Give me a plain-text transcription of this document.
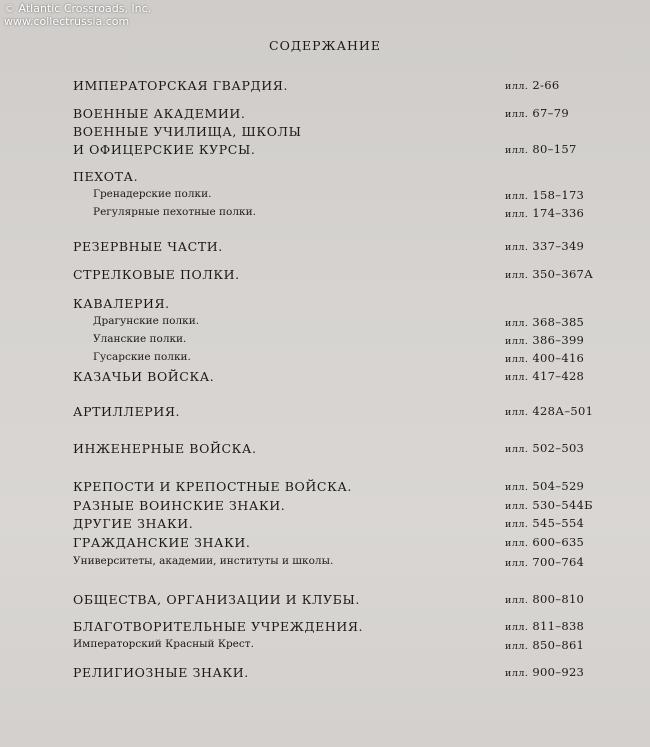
© Atlantic Crossroads, Inc.
www.collectrussia.com
СОДЕРЖАНИЕ
ИМПЕРАТОРСКАЯ ГВАРДИЯ.	илл. 2-66
ВОЕННЫЕ АКАДЕМИИ.	илл. 67–79
ВОЕННЫЕ УЧИЛИЩА, ШКОЛЫ
И ОФИЦЕРСКИЕ КУРСЫ.	илл. 80–157
ПЕХОТА.
Гренадерские полки.	илл. 158–173
Регулярные пехотные полки.	илл. 174–336
РЕЗЕРВНЫЕ ЧАСТИ.	илл. 337–349
СТРЕЛКОВЫЕ ПОЛКИ.	илл. 350–367А
КАВАЛЕРИЯ.
Драгунские полки.	илл. 368–385
Уланские полки.	илл. 386–399
Гусарские полки.	илл. 400–416
КАЗАЧЬИ ВОЙСКА.	илл. 417–428
АРТИЛЛЕРИЯ.	илл. 428А–501
ИНЖЕНЕРНЫЕ ВОЙСКА.	илл. 502–503
КРЕПОСТИ И КРЕПОСТНЫЕ ВОЙСКА.	илл. 504–529
РАЗНЫЕ ВОИНСКИЕ ЗНАКИ.	илл. 530–544Б
ДРУГИЕ ЗНАКИ.	илл. 545–554
ГРАЖДАНСКИЕ ЗНАКИ.	илл. 600–635
Университеты, академии, институты и школы.	илл. 700–764
ОБЩЕСТВА, ОРГАНИЗАЦИИ И КЛУБЫ.	илл. 800–810
БЛАГОТВОРИТЕЛЬНЫЕ УЧРЕЖДЕНИЯ.	илл. 811–838
Императорский Красный Крест.	илл. 850–861
РЕЛИГИОЗНЫЕ ЗНАКИ.	илл. 900–923
